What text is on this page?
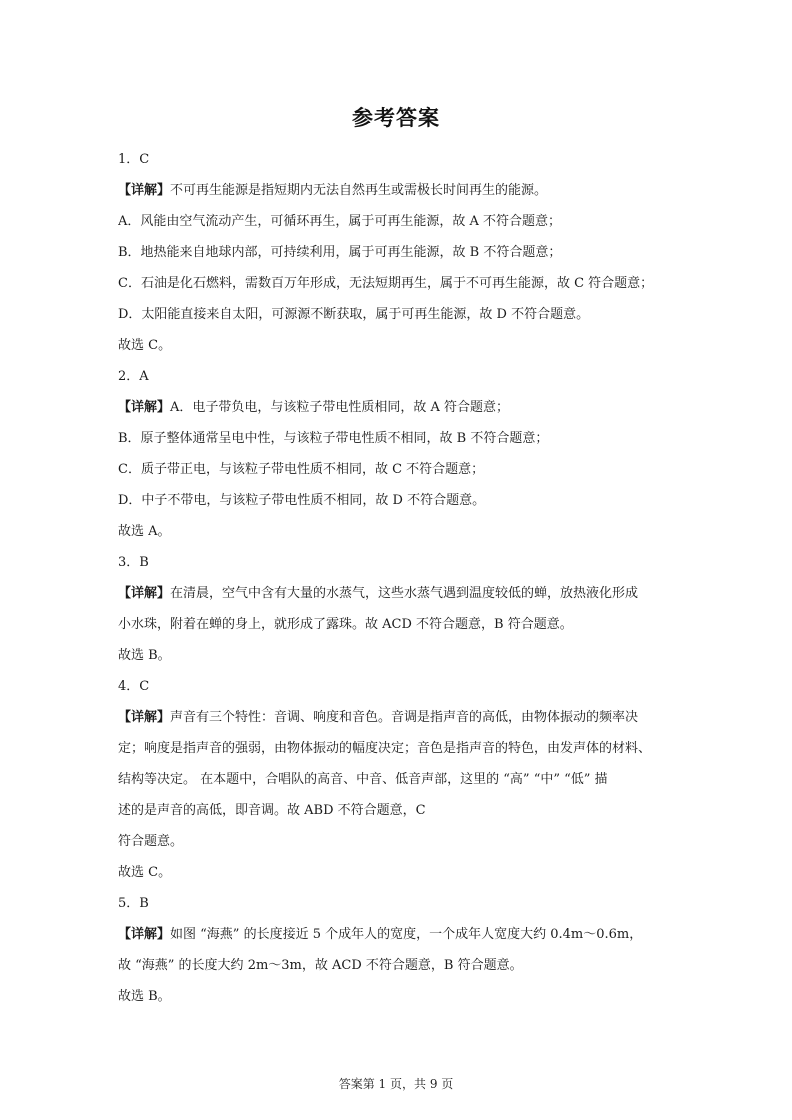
参考答案
1．C
【详解】不可再生能源是指短期内无法自然再生或需极长时间再生的能源。
A．风能由空气流动产生，可循环再生，属于可再生能源，故 A 不符合题意；
B．地热能来自地球内部，可持续利用，属于可再生能源，故 B 不符合题意；
C．石油是化石燃料，需数百万年形成，无法短期再生，属于不可再生能源，故 C 符合题意；
D．太阳能直接来自太阳，可源源不断获取，属于可再生能源，故 D 不符合题意。
故选 C。
2．A
【详解】A．电子带负电，与该粒子带电性质相同，故 A 符合题意；
B．原子整体通常呈电中性，与该粒子带电性质不相同，故 B 不符合题意；
C．质子带正电，与该粒子带电性质不相同，故 C 不符合题意；
D．中子不带电，与该粒子带电性质不相同，故 D 不符合题意。
故选 A。
3．B
【详解】在清晨，空气中含有大量的水蒸气，这些水蒸气遇到温度较低的蝉，放热液化形成
小水珠，附着在蝉的身上，就形成了露珠。故 ACD 不符合题意，B 符合题意。
故选 B。
4．C
【详解】声音有三个特性：音调、响度和音色。音调是指声音的高低，由物体振动的频率决
定；响度是指声音的强弱，由物体振动的幅度决定；音色是指声音的特色，由发声体的材料、
结构等决定。 在本题中，合唱队的高音、中音、低音声部，这里的 “高” “中” “低” 描
述的是声音的高低，即音调。故 ABD 不符合题意，C
符合题意。
故选 C。
5．B
【详解】如图 “海燕” 的长度接近 5 个成年人的宽度，一个成年人宽度大约 0.4m～0.6m，
故 “海燕” 的长度大约 2m～3m，故 ACD 不符合题意，B 符合题意。
故选 B。
答案第 1 页，共 9 页
